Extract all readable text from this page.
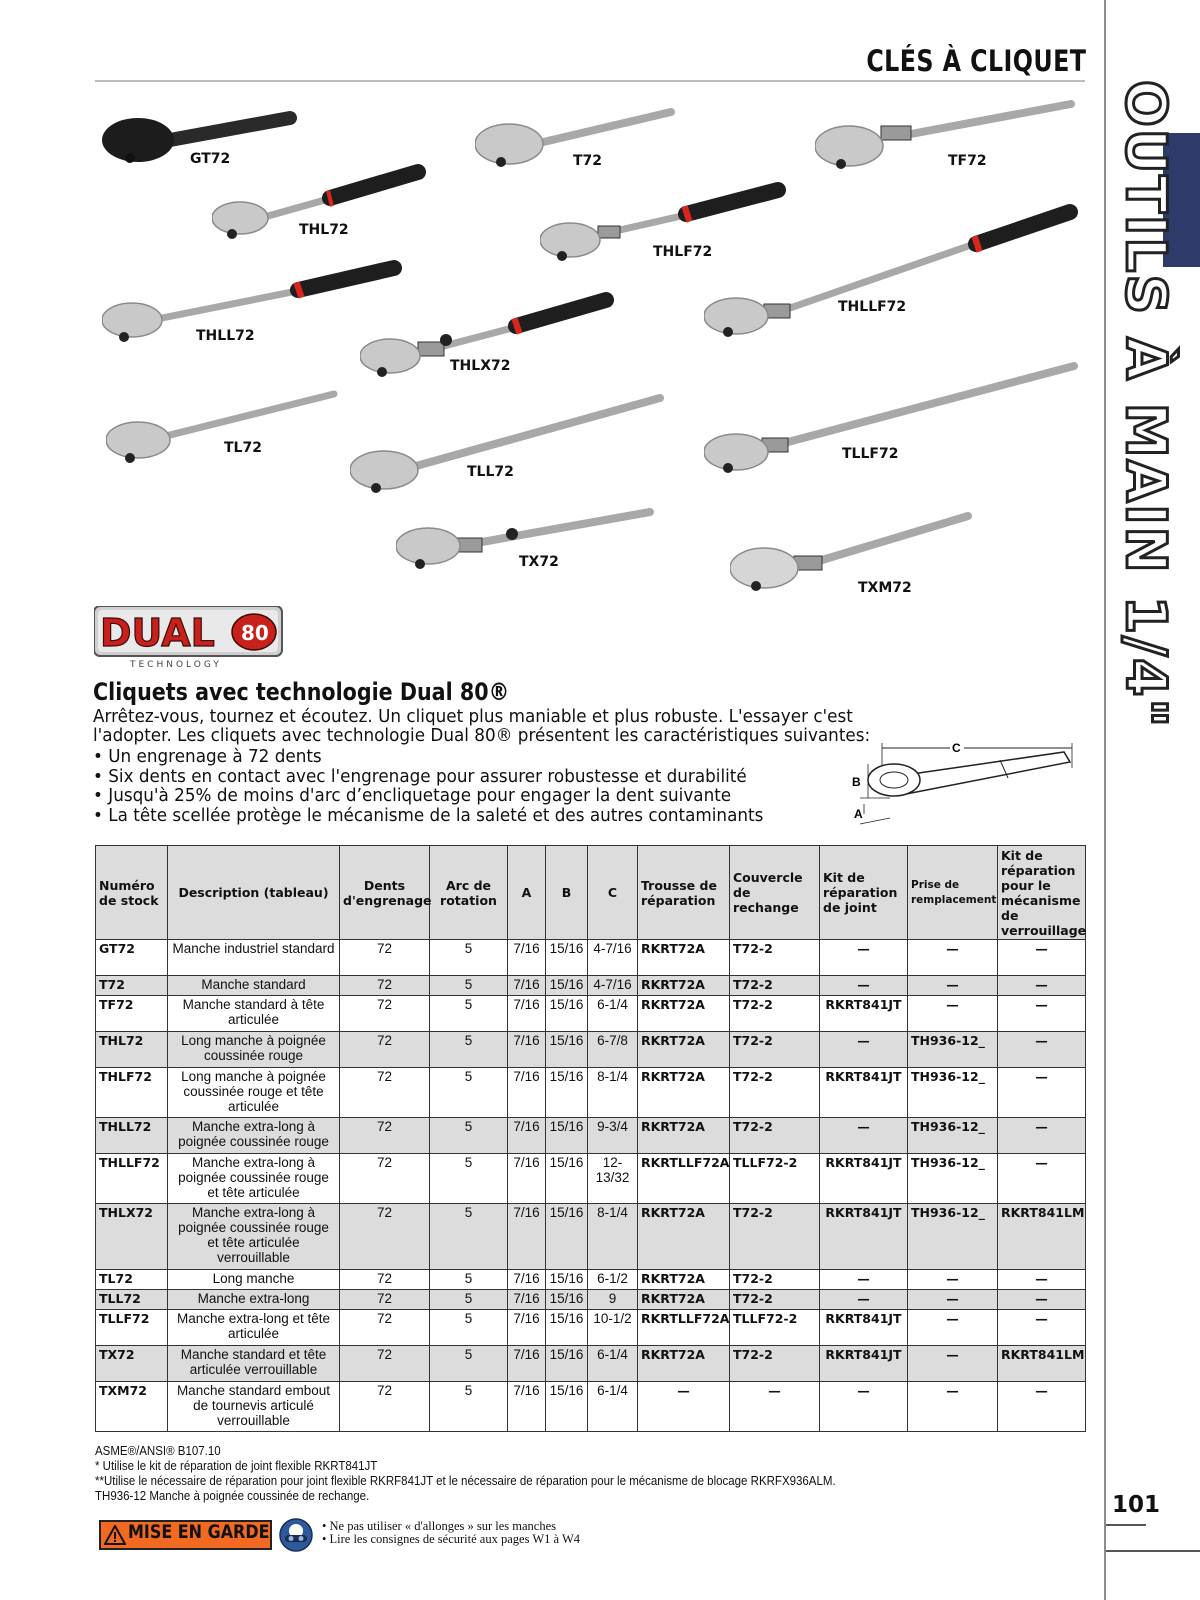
CLÉS À CLIQUET
OUTILS À MAIN 1/4"
101
GT72	T72	TF72
THL72
THLF72
THLL72
THLLF72
THLX72
TL72
TLL72
TLLF72
TX72
TXM72
DUAL 80
TECHNOLOGY
Cliquets avec technologie Dual 80®
Arrêtez-vous, tournez et écoutez. Un cliquet plus maniable et plus robuste. L'essayer c'est
l'adopter. Les cliquets avec technologie Dual 80® présentent les caractéristiques suivantes:
• Un engrenage à 72 dents
• Six dents en contact avec l'engrenage pour assurer robustesse et durabilité
• Jusqu'à 25% de moins d'arc d’encliquetage pour engager la dent suivante
• La tête scellée protège le mécanisme de la saleté et des autres contaminants
C
B
A
Numéro de stock	Description (tableau)	Dents d'engrenage	Arc de rotation	A	B	C	Trousse de réparation	Couvercle de rechange	Kit de réparation de joint	Prise de remplacement	Kit de réparation pour le mécanisme de verrouillage
GT72	Manche industriel standard	72	5	7/16	15/16	4-7/16	RKRT72A	T72-2	—	—	—
T72	Manche standard	72	5	7/16	15/16	4-7/16	RKRT72A	T72-2	—	—	—
TF72	Manche standard à tête articulée	72	5	7/16	15/16	6-1/4	RKRT72A	T72-2	RKRT841JT	—	—
THL72	Long manche à poignée coussinée rouge	72	5	7/16	15/16	6-7/8	RKRT72A	T72-2	—	TH936-12_	—
THLF72	Long manche à poignée coussinée rouge et tête articulée	72	5	7/16	15/16	8-1/4	RKRT72A	T72-2	RKRT841JT	TH936-12_	—
THLL72	Manche extra-long à poignée coussinée rouge	72	5	7/16	15/16	9-3/4	RKRT72A	T72-2	—	TH936-12_	—
THLLF72	Manche extra-long à poignée coussinée rouge et tête articulée	72	5	7/16	15/16	12-13/32	RKRTLLF72A	TLLF72-2	RKRT841JT	TH936-12_	—
THLX72	Manche extra-long à poignée coussinée rouge et tête articulée verrouillable	72	5	7/16	15/16	8-1/4	RKRT72A	T72-2	RKRT841JT	TH936-12_	RKRT841LM
TL72	Long manche	72	5	7/16	15/16	6-1/2	RKRT72A	T72-2	—	—	—
TLL72	Manche extra-long	72	5	7/16	15/16	9	RKRT72A	T72-2	—	—	—
TLLF72	Manche extra-long et tête articulée	72	5	7/16	15/16	10-1/2	RKRTLLF72A	TLLF72-2	RKRT841JT	—	—
TX72	Manche standard et tête articulée verrouillable	72	5	7/16	15/16	6-1/4	RKRT72A	T72-2	RKRT841JT	—	RKRT841LM
TXM72	Manche standard embout de tournevis articulé verrouillable	72	5	7/16	15/16	6-1/4	—	—	—	—	—
ASME®/ANSI® B107.10
* Utilise le kit de réparation de joint flexible RKRT841JT
**Utilise le nécessaire de réparation pour joint flexible RKRF841JT et le nécessaire de réparation pour le mécanisme de blocage RKRFX936ALM.
TH936-12 Manche à poignée coussinée de rechange.
MISE EN GARDE	• Ne pas utiliser « d'allonges » sur les manches
• Lire les consignes de sécurité aux pages W1 à W4
